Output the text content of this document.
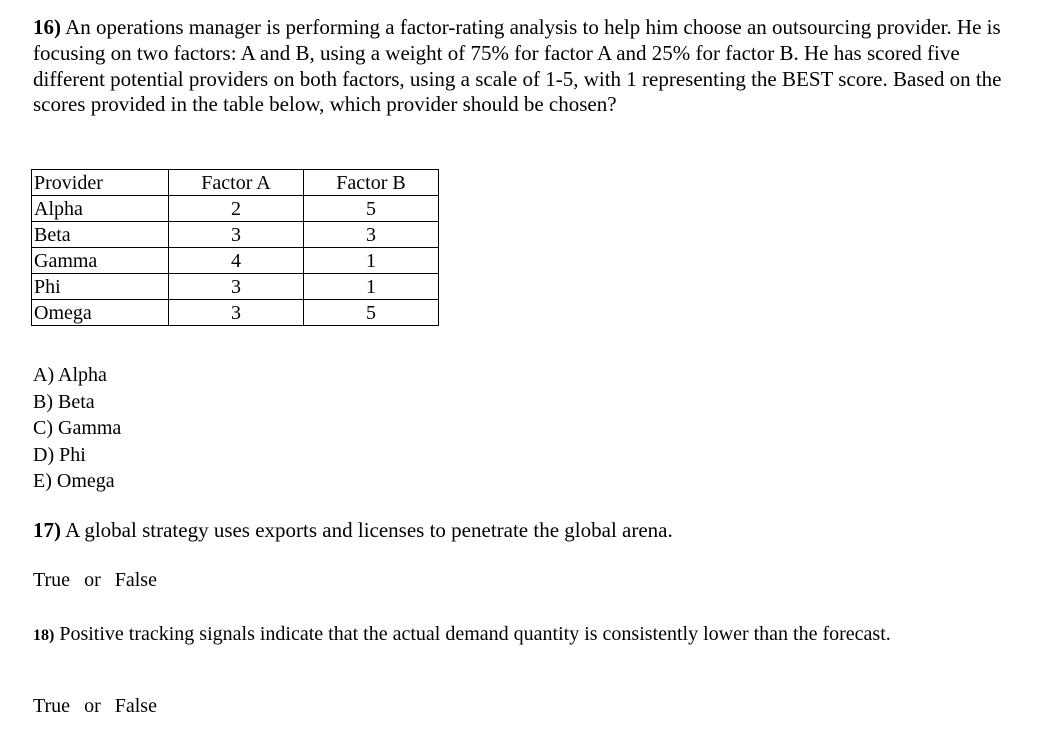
16) An operations manager is performing a factor-rating analysis to help him choose an outsourcing provider. He is focusing on two factors: A and B, using a weight of 75% for factor A and 25% for factor B. He has scored five different potential providers on both factors, using a scale of 1-5, with 1 representing the BEST score. Based on the scores provided in the table below, which provider should be chosen?
Provider	Factor A	Factor B
Alpha	2	5
Beta	3	3
Gamma	4	1
Phi	3	1
Omega	3	5
A) Alpha
B) Beta
C) Gamma
D) Phi
E) Omega
17) A global strategy uses exports and licenses to penetrate the global arena.
True or False
18) Positive tracking signals indicate that the actual demand quantity is consistently lower than the forecast.
True or False
